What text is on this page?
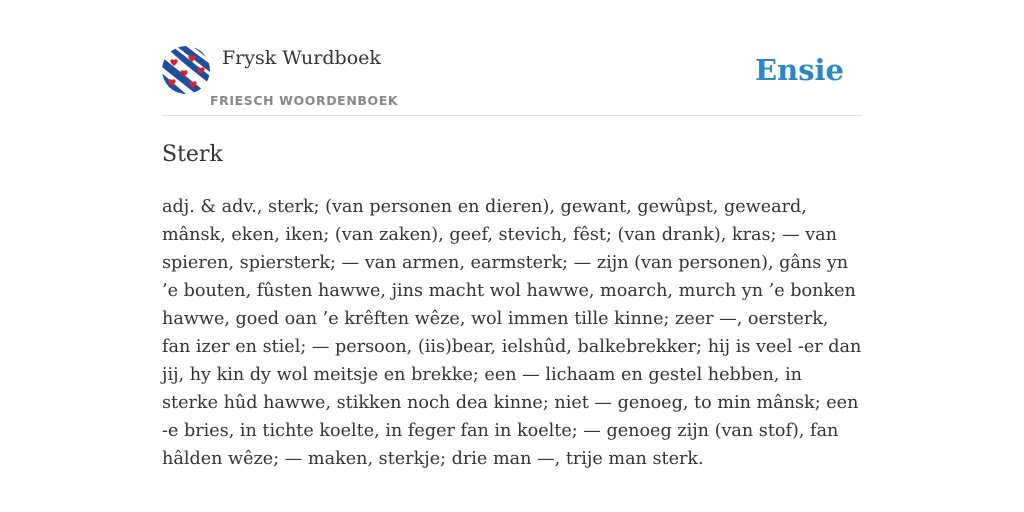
Frysk Wurdboek
FRIESCH WOORDENBOEK
Ensie
Sterk

adj. & adv., sterk; (van personen en dieren), gewant, gewûpst, geweard, mânsk, eken, iken; (van zaken), geef, stevich, fêst; (van drank), kras; — van spieren, spiersterk; — van armen, earmsterk; — zijn (van personen), gâns yn ’e bouten, fûsten hawwe, jins macht wol hawwe, moarch, murch yn ’e bonken hawwe, goed oan ’e krêften wêze, wol immen tille kinne; zeer —, oersterk, fan izer en stiel; — persoon, (iis)bear, ielshûd, balkebrekker; hij is veel -er dan jij, hy kin dy wol meitsje en brekke; een — lichaam en gestel hebben, in sterke hûd hawwe, stikken noch dea kinne; niet — genoeg, to min mânsk; een -e bries, in tichte koelte, in feger fan in koelte; — genoeg zijn (van stof), fan hâlden wêze; — maken, sterkje; drie man —, trije man sterk.
